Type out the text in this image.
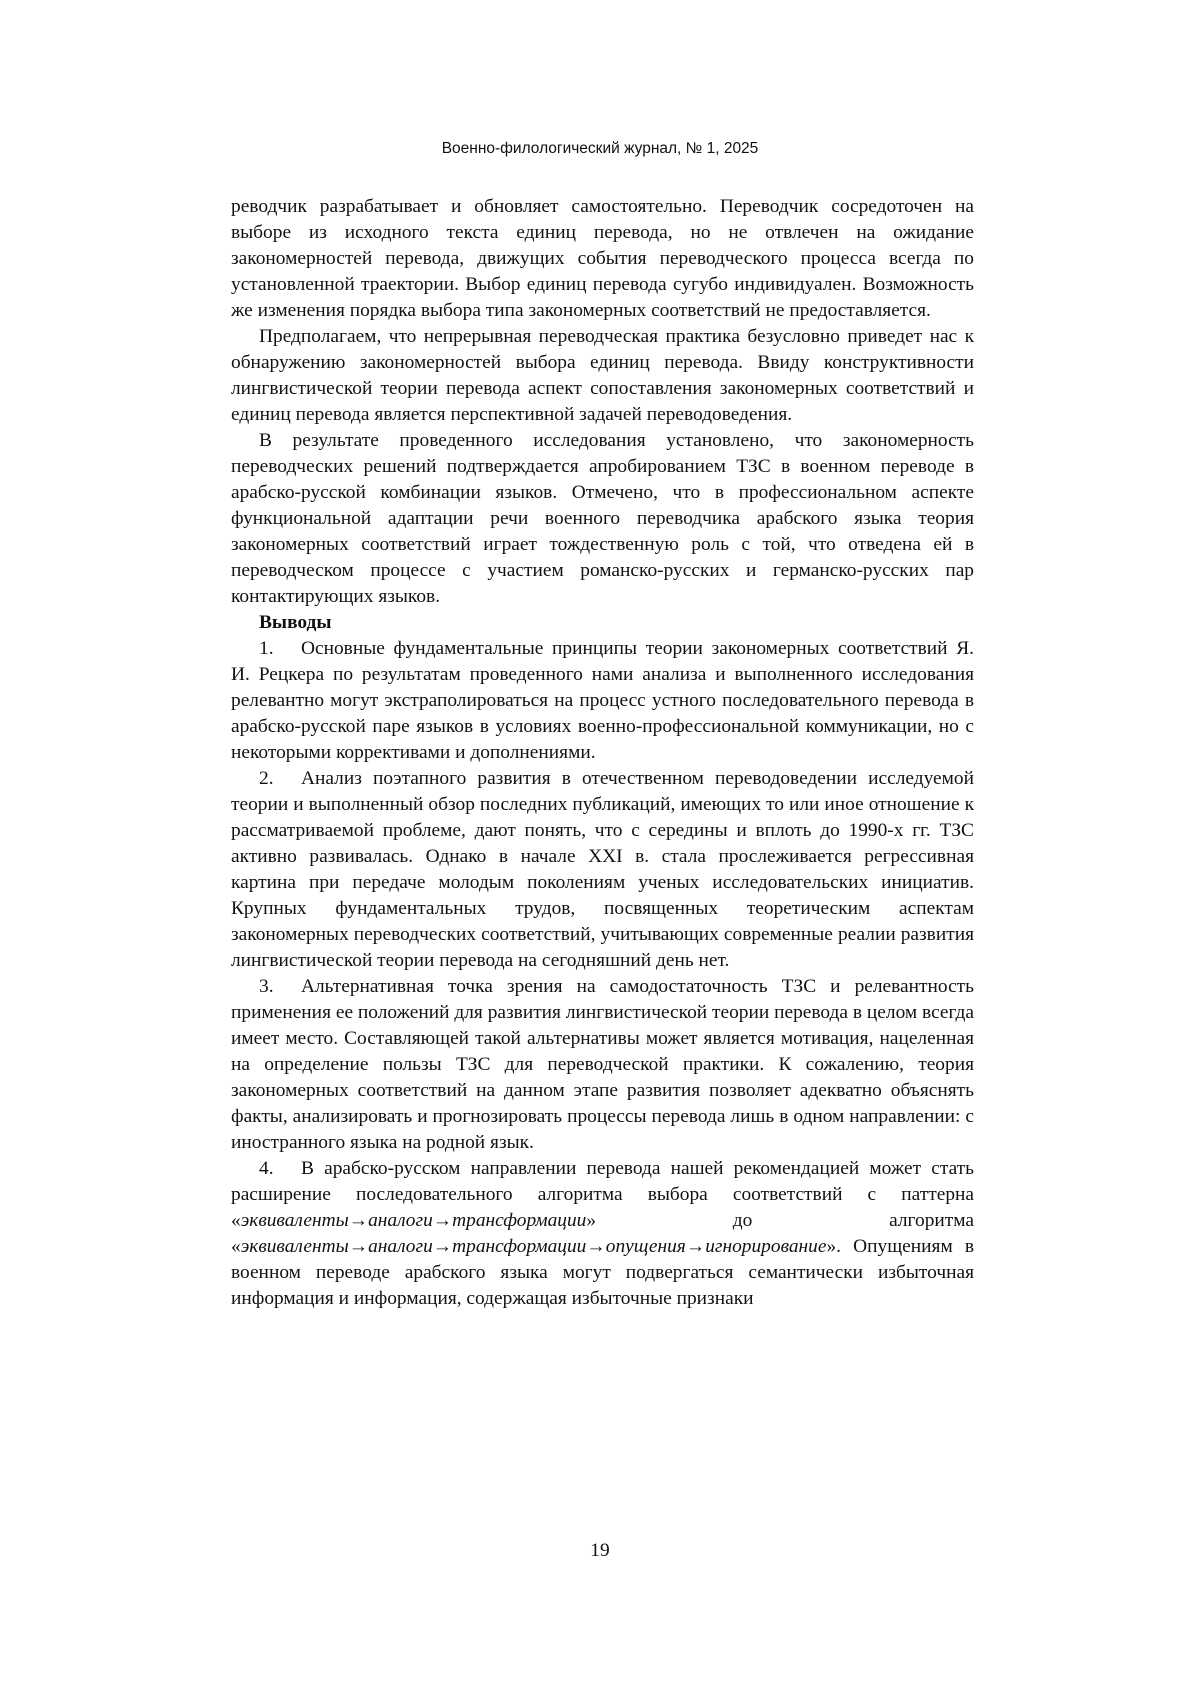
Военно-филологический журнал, № 1, 2025

реводчик разрабатывает и обновляет самостоятельно. Переводчик сосредоточен на выборе из исходного текста единиц перевода, но не отвлечен на ожидание закономерностей перевода, движущих события переводческого процесса всегда по установленной траектории. Выбор единиц перевода сугубо индивидуален. Возможность же изменения порядка выбора типа закономерных соответствий не предоставляется.

Предполагаем, что непрерывная переводческая практика безусловно приведет нас к обнаружению закономерностей выбора единиц перевода. Ввиду конструктивности лингвистической теории перевода аспект сопоставления закономерных соответствий и единиц перевода является перспективной задачей переводоведения.

В результате проведенного исследования установлено, что закономерность переводческих решений подтверждается апробированием ТЗС в военном переводе в арабско-русской комбинации языков. Отмечено, что в профессиональном аспекте функциональной адаптации речи военного переводчика арабского языка теория закономерных соответствий играет тождественную роль с той, что отведена ей в переводческом процессе с участием романско-русских и германско-русских пар контактирующих языков.

Выводы

1. Основные фундаментальные принципы теории закономерных соответствий Я. И. Рецкера по результатам проведенного нами анализа и выполненного исследования релевантно могут экстраполироваться на процесс устного последовательного перевода в арабско-русской паре языков в условиях военно-профессиональной коммуникации, но с некоторыми коррективами и дополнениями.

2. Анализ поэтапного развития в отечественном переводоведении исследуемой теории и выполненный обзор последних публикаций, имеющих то или иное отношение к рассматриваемой проблеме, дают понять, что с середины и вплоть до 1990-х гг. ТЗС активно развивалась. Однако в начале XXI в. стала прослеживается регрессивная картина при передаче молодым поколениям ученых исследовательских инициатив. Крупных фундаментальных трудов, посвященных теоретическим аспектам закономерных переводческих соответствий, учитывающих современные реалии развития лингвистической теории перевода на сегодняшний день нет.

3. Альтернативная точка зрения на самодостаточность ТЗС и релевантность применения ее положений для развития лингвистической теории перевода в целом всегда имеет место. Составляющей такой альтернативы может является мотивация, нацеленная на определение пользы ТЗС для переводческой практики. К сожалению, теория закономерных соответствий на данном этапе развития позволяет адекватно объяснять факты, анализировать и прогнозировать процессы перевода лишь в одном направлении: с иностранного языка на родной язык.

4. В арабско-русском направлении перевода нашей рекомендацией может стать расширение последовательного алгоритма выбора соответствий с паттерна «эквиваленты→аналоги→трансформации» до алгоритма «эквиваленты→аналоги→трансформации→опущения→игнорирование». Опущениям в военном переводе арабского языка могут подвергаться семантически избыточная информация и информация, содержащая избыточные признаки

19
